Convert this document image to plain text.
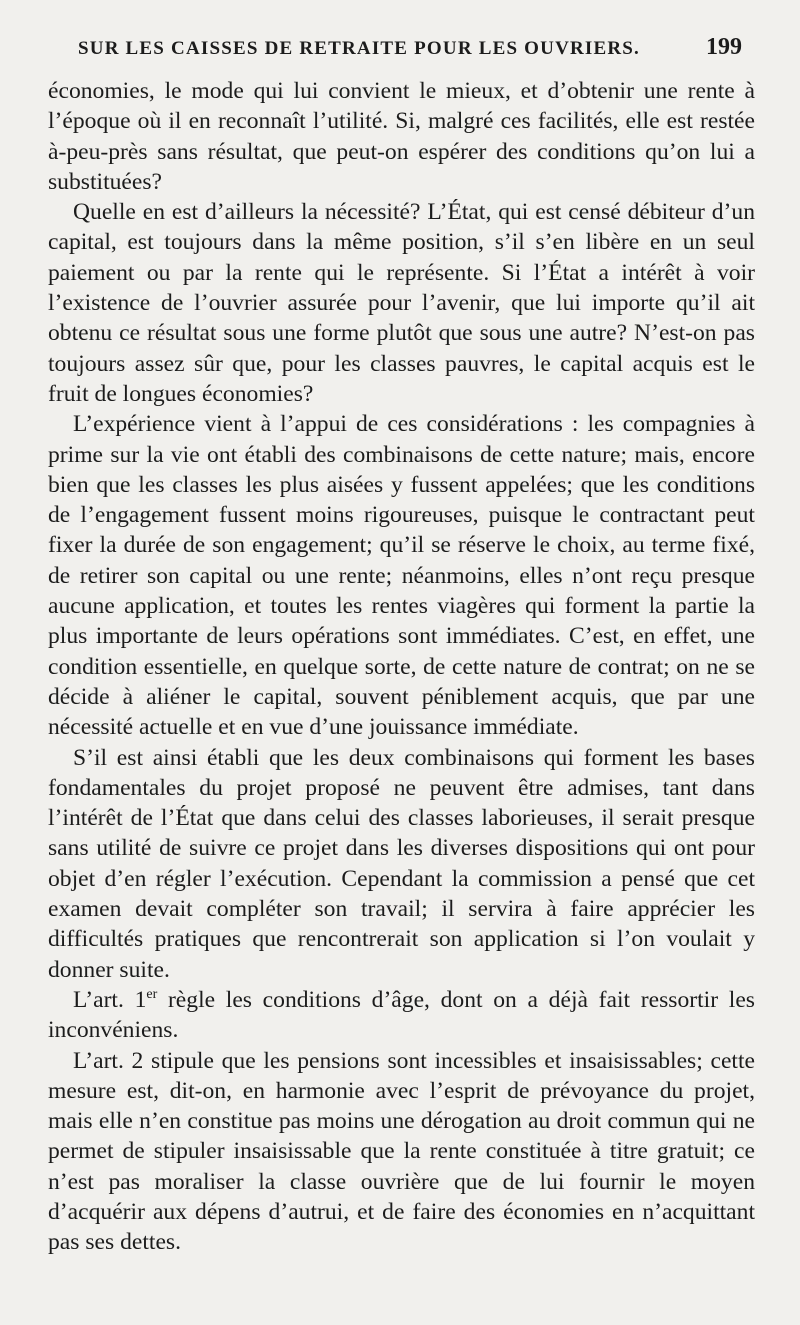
SUR LES CAISSES DE RETRAITE POUR LES OUVRIERS.	199

économies, le mode qui lui convient le mieux, et d’obtenir une rente à l’époque où il en reconnaît l’utilité. Si, malgré ces facilités, elle est restée à-peu-près sans résultat, que peut-on espérer des conditions qu’on lui a substituées?

Quelle en est d’ailleurs la nécessité? L’État, qui est censé débiteur d’un capital, est toujours dans la même position, s’il s’en libère en un seul paiement ou par la rente qui le représente. Si l’État a intérêt à voir l’existence de l’ouvrier assurée pour l’avenir, que lui importe qu’il ait obtenu ce résultat sous une forme plutôt que sous une autre? N’est-on pas toujours assez sûr que, pour les classes pauvres, le capital acquis est le fruit de longues économies?

L’expérience vient à l’appui de ces considérations : les compagnies à prime sur la vie ont établi des combinaisons de cette nature; mais, encore bien que les classes les plus aisées y fussent appelées; que les conditions de l’engagement fussent moins rigoureuses, puisque le contractant peut fixer la durée de son engagement; qu’il se réserve le choix, au terme fixé, de retirer son capital ou une rente; néanmoins, elles n’ont reçu presque aucune application, et toutes les rentes viagères qui forment la partie la plus importante de leurs opérations sont immédiates. C’est, en effet, une condition essentielle, en quelque sorte, de cette nature de contrat; on ne se décide à aliéner le capital, souvent péniblement acquis, que par une nécessité actuelle et en vue d’une jouissance immédiate.

S’il est ainsi établi que les deux combinaisons qui forment les bases fondamentales du projet proposé ne peuvent être admises, tant dans l’intérêt de l’État que dans celui des classes laborieuses, il serait presque sans utilité de suivre ce projet dans les diverses dispositions qui ont pour objet d’en régler l’exécution. Cependant la commission a pensé que cet examen devait compléter son travail; il servira à faire apprécier les difficultés pratiques que rencontrerait son application si l’on voulait y donner suite.

L’art. 1er règle les conditions d’âge, dont on a déjà fait ressortir les inconvéniens.

L’art. 2 stipule que les pensions sont incessibles et insaisissables; cette mesure est, dit-on, en harmonie avec l’esprit de prévoyance du projet, mais elle n’en constitue pas moins une dérogation au droit commun qui ne permet de stipuler insaisissable que la rente constituée à titre gratuit; ce n’est pas moraliser la classe ouvrière que de lui fournir le moyen d’acquérir aux dépens d’autrui, et de faire des économies en n’acquittant pas ses dettes.
